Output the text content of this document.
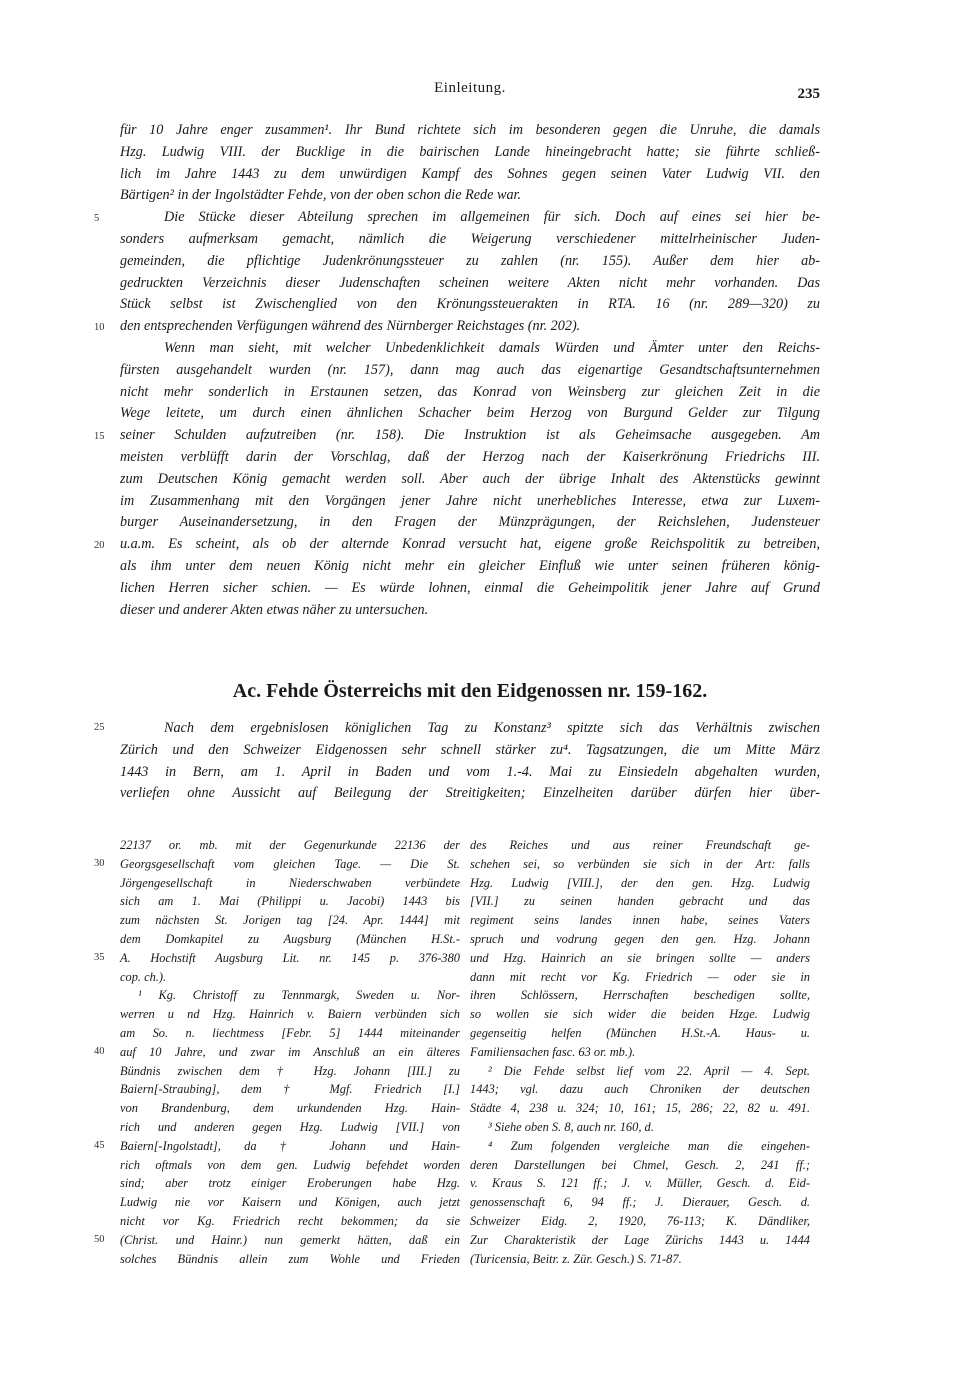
Einleitung.	235
für 10 Jahre enger zusammen¹. Ihr Bund richtete sich im besonderen gegen die Unruhe, die damals
Hzg. Ludwig VIII. der Bucklige in die bairischen Lande hineingebracht hatte; sie führte schließ-
lich im Jahre 1443 zu dem unwürdigen Kampf des Sohnes gegen seinen Vater Ludwig VII. den
Bärtigen² in der Ingolstädter Fehde, von der oben schon die Rede war.
Die Stücke dieser Abteilung sprechen im allgemeinen für sich. Doch auf eines sei hier be-
sonders aufmerksam gemacht, nämlich die Weigerung verschiedener mittelrheinischer Juden-
gemeinden, die pflichtige Judenkrönungssteuer zu zahlen (nr. 155). Außer dem hier ab-
gedruckten Verzeichnis dieser Judenschaften scheinen weitere Akten nicht mehr vorhanden. Das
Stück selbst ist Zwischenglied von den Krönungssteuerakten in RTA. 16 (nr. 289—320) zu
den entsprechenden Verfügungen während des Nürnberger Reichstages (nr. 202).
Wenn man sieht, mit welcher Unbedenklichkeit damals Würden und Ämter unter den Reichs-
fürsten ausgehandelt wurden (nr. 157), dann mag auch das eigenartige Gesandtschaftsunternehmen
nicht mehr sonderlich in Erstaunen setzen, das Konrad von Weinsberg zur gleichen Zeit in die
Wege leitete, um durch einen ähnlichen Schacher beim Herzog von Burgund Gelder zur Tilgung
seiner Schulden aufzutreiben (nr. 158). Die Instruktion ist als Geheimsache ausgegeben. Am
meisten verblüfft darin der Vorschlag, daß der Herzog nach der Kaiserkrönung Friedrichs III.
zum Deutschen König gemacht werden soll. Aber auch der übrige Inhalt des Aktenstücks gewinnt
im Zusammenhang mit den Vorgängen jener Jahre nicht unerhebliches Interesse, etwa zur Luxem-
burger Auseinandersetzung, in den Fragen der Münzprägungen, der Reichslehen, Judensteuer
u.a.m. Es scheint, als ob der alternde Konrad versucht hat, eigene große Reichspolitik zu betreiben,
als ihm unter dem neuen König nicht mehr ein gleicher Einfluß wie unter seinen früheren könig-
lichen Herren sicher schien. — Es würde lohnen, einmal die Geheimpolitik jener Jahre auf Grund
dieser und anderer Akten etwas näher zu untersuchen.
5
10
15
20
Ac. Fehde Österreichs mit den Eidgenossen nr. 159-162.
25	Nach dem ergebnislosen königlichen Tag zu Konstanz³ spitzte sich das Verhältnis zwischen
Zürich und den Schweizer Eidgenossen sehr schnell stärker zu⁴. Tagsatzungen, die um Mitte März
1443 in Bern, am 1. April in Baden und vom 1.-4. Mai zu Einsiedeln abgehalten wurden,
verliefen ohne Aussicht auf Beilegung der Streitigkeiten; Einzelheiten darüber dürfen hier über-
30
35
40
45
50
22137 or. mb. mit der Gegenurkunde 22136 der
Georgsgesellschaft vom gleichen Tage. — Die St.
Jörgengesellschaft in Niederschwaben verbündete
sich am 1. Mai (Philippi u. Jacobi) 1443 bis
zum nächsten St. Jorigen tag [24. Apr. 1444] mit
dem Domkapitel zu Augsburg (München H.St.-
A. Hochstift Augsburg Lit. nr. 145 p. 376-380
cop. ch.).
¹ Kg. Christoff zu Tennmargk, Sweden u. Nor-
werren u nd Hzg. Hainrich v. Baiern verbünden sich
am So. n. liechtmess [Febr. 5] 1444 miteinander
auf 10 Jahre, und zwar im Anschluß an ein älteres
Bündnis zwischen dem † Hzg. Johann [III.] zu
Baiern[-Straubing], dem † Mgf. Friedrich [I.]
von Brandenburg, dem urkundenden Hzg. Hain-
rich und anderen gegen Hzg. Ludwig [VII.] von
Baiern[-Ingolstadt], da † Johann und Hain-
rich oftmals von dem gen. Ludwig befehdet worden
sind; aber trotz einiger Eroberungen habe Hzg.
Ludwig nie vor Kaisern und Königen, auch jetzt
nicht vor Kg. Friedrich recht bekommen; da sie
(Christ. und Hainr.) nun gemerkt hätten, daß ein
solches Bündnis allein zum Wohle und Frieden
des Reiches und aus reiner Freundschaft ge-
schehen sei, so verbünden sie sich in der Art: falls
Hzg. Ludwig [VIII.], der den gen. Hzg. Ludwig
[VII.] zu seinen handen gebracht und das
regiment seins landes innen habe, seines Vaters
spruch und vodrung gegen den gen. Hzg. Johann
und Hzg. Hainrich an sie bringen sollte — anders
dann mit recht vor Kg. Friedrich — oder sie in
ihren Schlössern, Herrschaften beschedigen sollte,
so wollen sie sich wider die beiden Hzge. Ludwig
gegenseitig helfen (München H.St.-A. Haus- u.
Familiensachen fasc. 63 or. mb.).
² Die Fehde selbst lief vom 22. April — 4. Sept.
1443; vgl. dazu auch Chroniken der deutschen
Städte 4, 238 u. 324; 10, 161; 15, 286; 22, 82 u. 491.
³ Siehe oben S. 8, auch nr. 160, d.
⁴ Zum folgenden vergleiche man die eingehen-
deren Darstellungen bei Chmel, Gesch. 2, 241 ff.;
v. Kraus S. 121 ff.; J. v. Müller, Gesch. d. Eid-
genossenschaft 6, 94 ff.; J. Dierauer, Gesch. d.
Schweizer Eidg. 2, 1920, 76-113; K. Dändliker,
Zur Charakteristik der Lage Zürichs 1443 u. 1444
(Turicensia, Beitr. z. Zür. Gesch.) S. 71-87.
